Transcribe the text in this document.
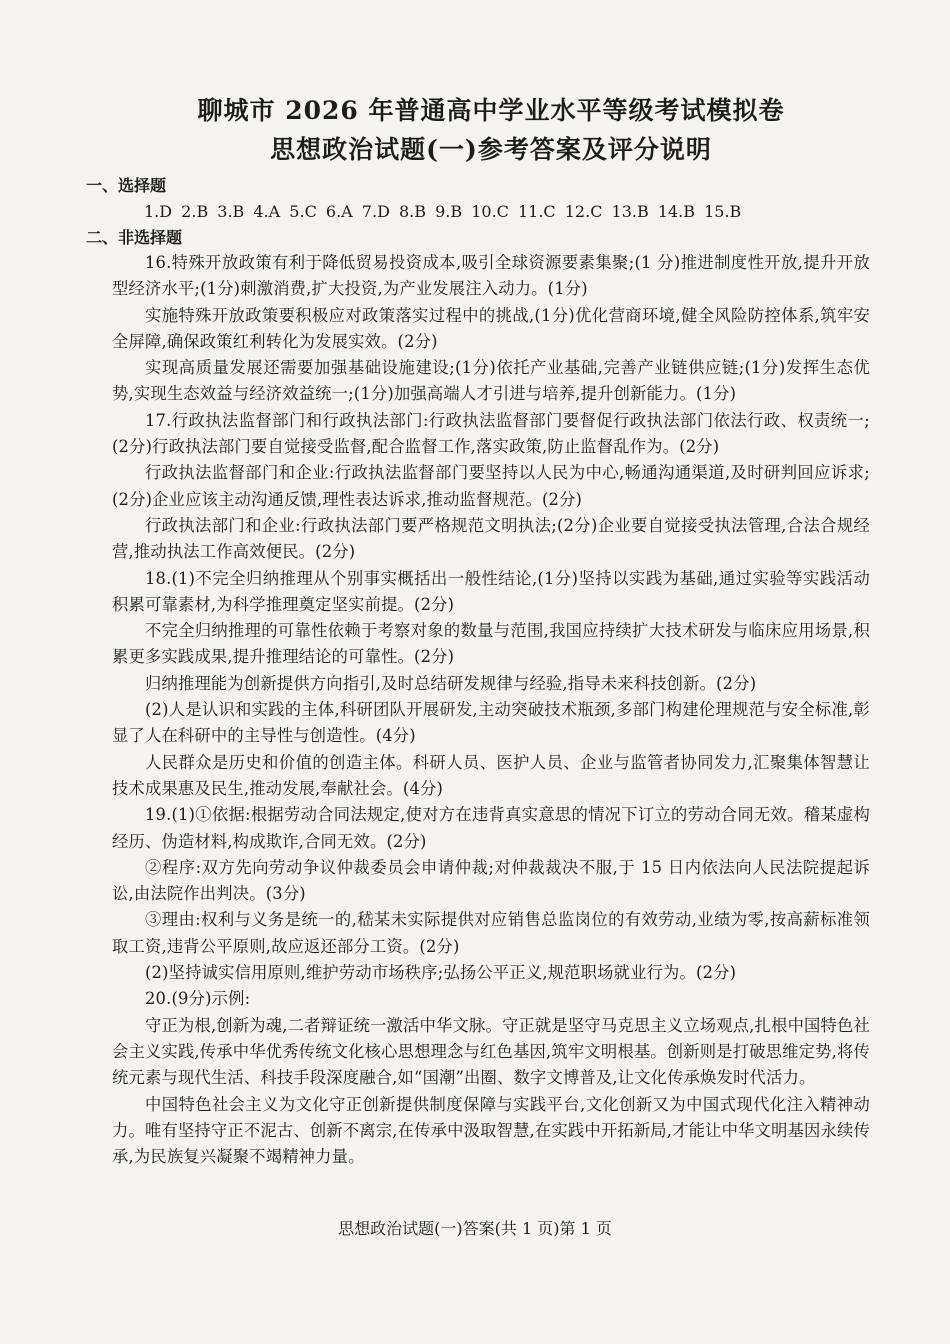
聊城市 2026 年普通高中学业水平等级考试模拟卷
思想政治试题(一)参考答案及评分说明
一、选择题
1.D 2.B 3.B 4.A 5.C 6.A 7.D 8.B 9.B 10.C 11.C 12.C 13.B 14.B 15.B
二、非选择题

16.特殊开放政策有利于降低贸易投资成本,吸引全球资源要素集聚;(1 分)推进制度性开放,提升开放型经济水平;(1分)刺激消费,扩大投资,为产业发展注入动力。(1分)

实施特殊开放政策要积极应对政策落实过程中的挑战,(1分)优化营商环境,健全风险防控体系,筑牢安全屏障,确保政策红利转化为发展实效。(2分)

实现高质量发展还需要加强基础设施建设;(1分)依托产业基础,完善产业链供应链;(1分)发挥生态优势,实现生态效益与经济效益统一;(1分)加强高端人才引进与培养,提升创新能力。(1分)

17.行政执法监督部门和行政执法部门:行政执法监督部门要督促行政执法部门依法行政、权责统一;(2分)行政执法部门要自觉接受监督,配合监督工作,落实政策,防止监督乱作为。(2分)

行政执法监督部门和企业:行政执法监督部门要坚持以人民为中心,畅通沟通渠道,及时研判回应诉求;(2分)企业应该主动沟通反馈,理性表达诉求,推动监督规范。(2分)

行政执法部门和企业:行政执法部门要严格规范文明执法;(2分)企业要自觉接受执法管理,合法合规经营,推动执法工作高效便民。(2分)

18.(1)不完全归纳推理从个别事实概括出一般性结论,(1分)坚持以实践为基础,通过实验等实践活动积累可靠素材,为科学推理奠定坚实前提。(2分)

不完全归纳推理的可靠性依赖于考察对象的数量与范围,我国应持续扩大技术研发与临床应用场景,积累更多实践成果,提升推理结论的可靠性。(2分)

归纳推理能为创新提供方向指引,及时总结研发规律与经验,指导未来科技创新。(2分)

(2)人是认识和实践的主体,科研团队开展研发,主动突破技术瓶颈,多部门构建伦理规范与安全标准,彰显了人在科研中的主导性与创造性。(4分)

人民群众是历史和价值的创造主体。科研人员、医护人员、企业与监管者协同发力,汇聚集体智慧让技术成果惠及民生,推动发展,奉献社会。(4分)

19.(1)①依据:根据劳动合同法规定,使对方在违背真实意思的情况下订立的劳动合同无效。稽某虚构经历、伪造材料,构成欺诈,合同无效。(2分)

②程序:双方先向劳动争议仲裁委员会申请仲裁;对仲裁裁决不服,于 15 日内依法向人民法院提起诉讼,由法院作出判决。(3分)

③理由:权利与义务是统一的,嵇某未实际提供对应销售总监岗位的有效劳动,业绩为零,按高薪标准领取工资,违背公平原则,故应返还部分工资。(2分)

(2)坚持诚实信用原则,维护劳动市场秩序;弘扬公平正义,规范职场就业行为。(2分)

20.(9分)示例:

守正为根,创新为魂,二者辩证统一激活中华文脉。守正就是坚守马克思主义立场观点,扎根中国特色社会主义实践,传承中华优秀传统文化核心思想理念与红色基因,筑牢文明根基。创新则是打破思维定势,将传统元素与现代生活、科技手段深度融合,如“国潮”出圈、数字文博普及,让文化传承焕发时代活力。

中国特色社会主义为文化守正创新提供制度保障与实践平台,文化创新又为中国式现代化注入精神动力。唯有坚持守正不泥古、创新不离宗,在传承中汲取智慧,在实践中开拓新局,才能让中华文明基因永续传承,为民族复兴凝聚不竭精神力量。

思想政治试题(一)答案(共 1 页)第 1 页
